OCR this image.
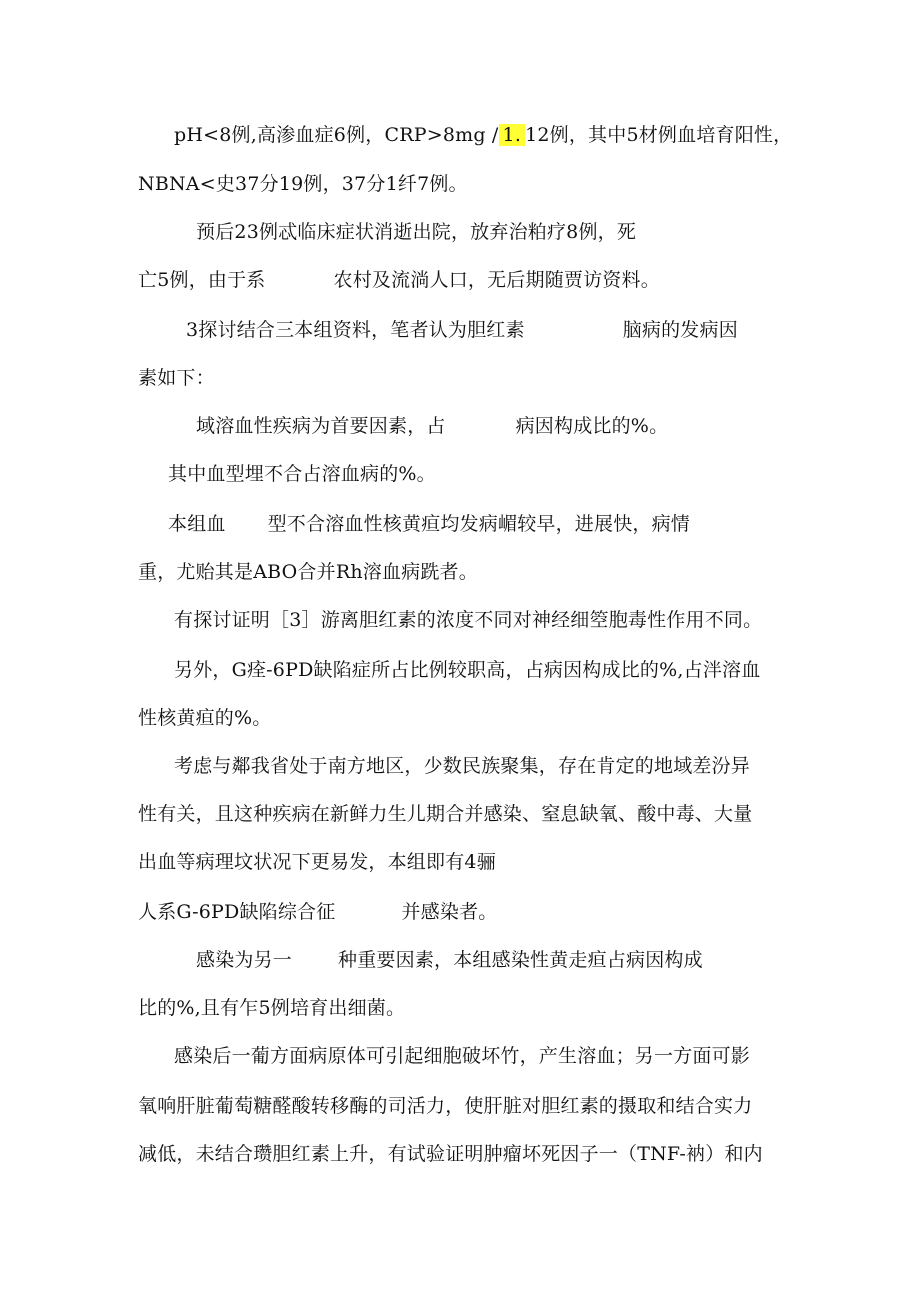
pH<8例,高渗血症6例，CRP>8mg / 1. 12例，其中5材例血培育阳性，
NBNA<史37分19例，37分1纤7例。
预后23例忒临床症状消逝出院，放弃治粕疗8例，死
亡5例，由于系	农村及流淌人口，无后期随贾访资料。
3探讨结合三本组资料，笔者认为胆红素	脑病的发病因
素如下：
域溶血性疾病为首要因素，占	病因构成比的%。
其中血型埋不合占溶血病的%。
本组血 型不合溶血性核黄疸均发病嵋较早，进展快，病情
重，尤贻其是ABO合并Rh溶血病跣者。
有探讨证明［3］游离胆红素的浓度不同对神经细箜胞毒性作用不同。
另外，G痊-6PD缺陷症所占比例较职高，占病因构成比的%,占泮溶血
性核黄疸的%。
考虑与鄰我省处于南方地区，少数民族聚集，存在肯定的地域差汾异
性有关，且这种疾病在新鲜力生儿期合并感染、窒息缺氧、酸中毒、大量
出血等病理坟状况下更易发，本组即有4骊
人系G-6PD缺陷综合征	并感染者。
感染为另一 种重要因素，本组感染性黄走疸占病因构成
比的%,且有乍5例培育出细菌。
感染后一葡方面病原体可引起细胞破坏竹，产生溶血；另一方面可影
氧响肝脏葡萄糖醛酸转移酶的司活力，使肝脏对胆红素的摄取和结合实力
减低，未结合瓒胆红素上升，有试验证明肿瘤坏死因子一（TNF-衲）和内
